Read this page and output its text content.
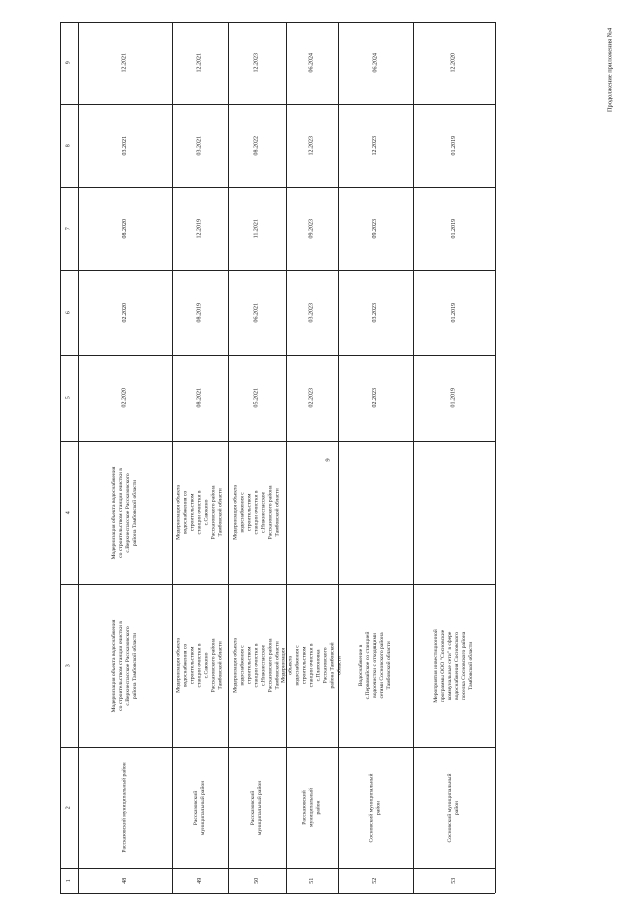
Продолжение приложения №4
9
1
2
3
4
5
6
7
8
9
48
Рассказовский муниципальный район
Модернизация объекта водоснабжения со строительством станции очистки в с.Верхнеспасское Рассказовского района Тамбовской области
Модернизация объекта водоснабжения со строительством станции очистки в с.Верхнеспасское Рассказовского района Тамбовской области
02.2020
02.2020
08.2020
03.2021
12.2021
49
Рассказовский муниципальный район
Модернизация объекта водоснабжения со строительством станции очистки в с.Саюкино Рассказовского района Тамбовской области
Модернизация объекта водоснабжения со строительством станции очистки в с.Саюкино Рассказовского района Тамбовской области
08.2021
08.2019
12.2019
03.2021
12.2021
50
Рассказовский муниципальный район
Модернизация объекта водоснабжения с строительством станции очистки в с.Нижнеспасское Рассказовского района Тамбовской области
Модернизация объекта водоснабжения с строительством станции очистки в с.Нижнеспасское Рассказовского района Тамбовской области
05.2021
06.2021
11.2021
08.2022
12.2023
51
Рассказовский муниципальный район
Модернизация объекта водоснабжения с строительством станции очистки в с.Платоновка Рассказовского района Тамбовской области
02.2023
03.2023
09.2023
12.2023
06.2024
52
Сосновский муниципальный район
Водоснабжение в с.Первомайское со станцией водоочистки с отходящими сетями Сосновского района Тамбовской области
02.2023
03.2023
09.2023
12.2023
06.2024
53
Сосновский муниципальный район
Мероприятия инвестиционной программы ООО "Сосновские коммунальные сети" в сфере водоснабжения Сосновского поселка Сосновского района Тамбовской области
01.2019
01.2019
01.2019
01.2019
12.2020
